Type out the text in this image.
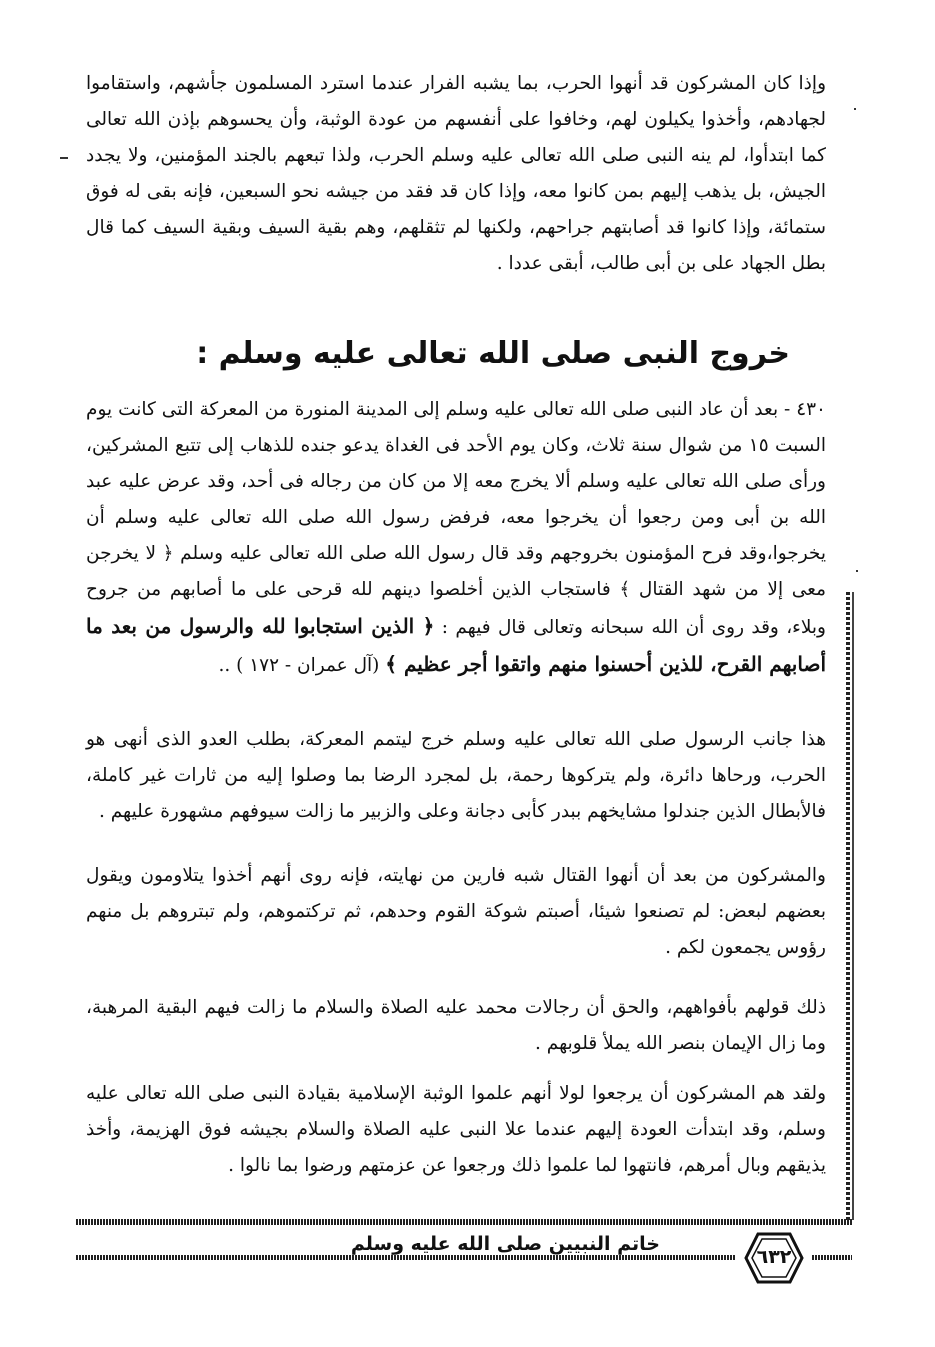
وإذا كان المشركون قد أنهوا الحرب، بما يشبه الفرار عندما استرد المسلمون جأشهم، واستقاموا لجهادهم، وأخذوا يكيلون لهم، وخافوا على أنفسهم من عودة الوثبة، وأن يحسوهم بإذن الله تعالى كما ابتدأوا، لم ينه النبى صلى الله تعالى عليه وسلم الحرب، ولذا تبعهم بالجند المؤمنين، ولا يجدد الجيش، بل يذهب إليهم بمن كانوا معه، وإذا كان قد فقد من جيشه نحو السبعين، فإنه بقى له فوق ستمائة، وإذا كانوا قد أصابتهم جراحهم، ولكنها لم تثقلهم، وهم بقية السيف وبقية السيف كما قال بطل الجهاد على بن أبى طالب، أبقى عددا .

خروج النبى صلى الله تعالى عليه وسلم :

٤٣٠ - بعد أن عاد النبى صلى الله تعالى عليه وسلم إلى المدينة المنورة من المعركة التى كانت يوم السبت ١٥ من شوال سنة ثلاث، وكان يوم الأحد فى الغداة يدعو جنده للذهاب إلى تتبع المشركين، ورأى صلى الله تعالى عليه وسلم ألا يخرج معه إلا من كان من رجاله فى أحد، وقد عرض عليه عبد الله بن أبى ومن رجعوا أن يخرجوا معه، فرفض رسول الله صلى الله تعالى عليه وسلم أن يخرجوا،وقد فرح المؤمنون بخروجهم وقد قال رسول الله صلى الله تعالى عليه وسلم ﴿ لا يخرجن معى إلا من شهد القتال ﴾ فاستجاب الذين أخلصوا دينهم لله قرحى على ما أصابهم من جروح وبلاء، وقد روى أن الله سبحانه وتعالى قال فيهم : ﴿ الذين استجابوا لله والرسول من بعد ما أصابهم القرح، للذين أحسنوا منهم واتقوا أجر عظيم ﴾ (آل عمران - ١٧٢ ) ..

هذا جانب الرسول صلى الله تعالى عليه وسلم خرج ليتمم المعركة، بطلب العدو الذى أنهى هو الحرب، ورحاها دائرة، ولم يتركوها رحمة، بل لمجرد الرضا بما وصلوا إليه من ثارات غير كاملة، فالأبطال الذين جندلوا مشايخهم ببدر كأبى دجانة وعلى والزبير ما زالت سيوفهم مشهورة عليهم .

والمشركون من بعد أن أنهوا القتال شبه فارين من نهايته، فإنه روى أنهم أخذوا يتلاومون ويقول بعضهم لبعض: لم تصنعوا شيئا، أصبتم شوكة القوم وحدهم، ثم تركتموهم، ولم تبتروهم بل منهم رؤوس يجمعون لكم .

ذلك قولهم بأفواههم، والحق أن رجالات محمد عليه الصلاة والسلام ما زالت فيهم البقية المرهبة، وما زال الإيمان بنصر الله يملأ قلوبهم .

ولقد هم المشركون أن يرجعوا لولا أنهم علموا الوثبة الإسلامية بقيادة النبى صلى الله تعالى عليه وسلم، وقد ابتدأت العودة إليهم عندما علا النبى عليه الصلاة والسلام بجيشه فوق الهزيمة، وأخذ يذيقهم وبال أمرهم، فانتهوا لما علموا ذلك ورجعوا عن عزمتهم ورضوا بما نالوا .

خاتم النبيين صلى الله عليه وسلم
٦٣٢
